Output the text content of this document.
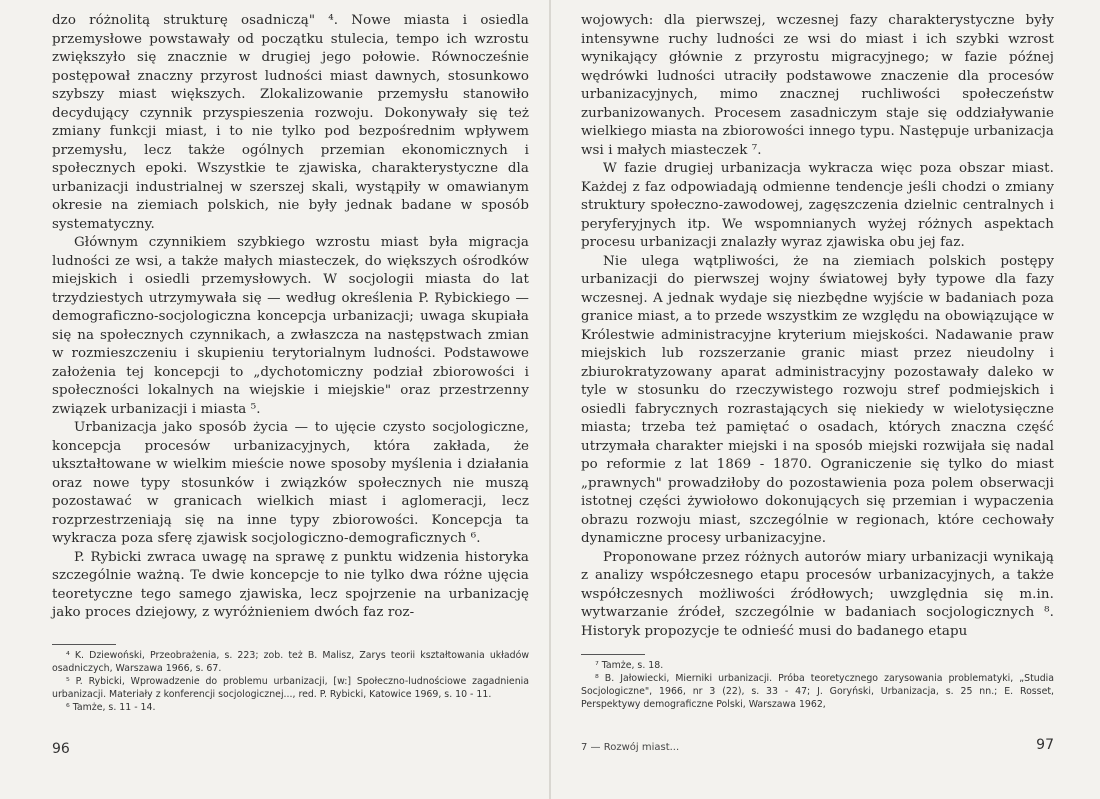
dzo różnolitą strukturę osadniczą" ⁴. Nowe miasta i osiedla przemysłowe powstawały od początku stulecia, tempo ich wzrostu zwiększyło się znacznie w drugiej jego połowie. Równocześnie postępował znaczny przyrost ludności miast dawnych, stosunkowo szybszy miast większych. Zlokalizowanie przemysłu stanowiło decydujący czynnik przyspieszenia rozwoju. Dokonywały się też zmiany funkcji miast, i to nie tylko pod bezpośrednim wpływem przemysłu, lecz także ogólnych przemian ekonomicznych i społecznych epoki. Wszystkie te zjawiska, charakterystyczne dla urbanizacji industrialnej w szerszej skali, wystąpiły w omawianym okresie na ziemiach polskich, nie były jednak badane w sposób systematyczny.

Głównym czynnikiem szybkiego wzrostu miast była migracja ludności ze wsi, a także małych miasteczek, do większych ośrodków miejskich i osiedli przemysłowych. W socjologii miasta do lat trzydziestych utrzymywała się — według określenia P. Rybickiego — demograficzno-socjologiczna koncepcja urbanizacji; uwaga skupiała się na społecznych czynnikach, a zwłaszcza na następstwach zmian w rozmieszczeniu i skupieniu terytorialnym ludności. Podstawowe założenia tej koncepcji to „dychotomiczny podział zbiorowości i społeczności lokalnych na wiejskie i miejskie" oraz przestrzenny związek urbanizacji i miasta ⁵.

Urbanizacja jako sposób życia — to ujęcie czysto socjologiczne, koncepcja procesów urbanizacyjnych, która zakłada, że ukształtowane w wielkim mieście nowe sposoby myślenia i działania oraz nowe typy stosunków i związków społecznych nie muszą pozostawać w granicach wielkich miast i aglomeracji, lecz rozprzestrzeniają się na inne typy zbiorowości. Koncepcja ta wykracza poza sferę zjawisk socjologiczno-demograficznych ⁶.

P. Rybicki zwraca uwagę na sprawę z punktu widzenia historyka szczególnie ważną. Te dwie koncepcje to nie tylko dwa różne ujęcia teoretyczne tego samego zjawiska, lecz spojrzenie na urbanizację jako proces dziejowy, z wyróżnieniem dwóch faz roz-

⁴ K. Dziewoński, Przeobrażenia, s. 223; zob. też B. Malisz, Zarys teorii kształtowania układów osadniczych, Warszawa 1966, s. 67.

⁵ P. Rybicki, Wprowadzenie do problemu urbanizacji, [w:] Społeczno-ludnościowe zagadnienia urbanizacji. Materiały z konferencji socjologicznej..., red. P. Rybicki, Katowice 1969, s. 10 - 11.

⁶ Tamże, s. 11 - 14.

96

wojowych: dla pierwszej, wczesnej fazy charakterystyczne były intensywne ruchy ludności ze wsi do miast i ich szybki wzrost wynikający głównie z przyrostu migracyjnego; w fazie późnej wędrówki ludności utraciły podstawowe znaczenie dla procesów urbanizacyjnych, mimo znacznej ruchliwości społeczeństw zurbanizowanych. Procesem zasadniczym staje się oddziaływanie wielkiego miasta na zbiorowości innego typu. Następuje urbanizacja wsi i małych miasteczek ⁷.

W fazie drugiej urbanizacja wykracza więc poza obszar miast. Każdej z faz odpowiadają odmienne tendencje jeśli chodzi o zmiany struktury społeczno-zawodowej, zagęszczenia dzielnic centralnych i peryferyjnych itp. We wspomnianych wyżej różnych aspektach procesu urbanizacji znalazły wyraz zjawiska obu jej faz.

Nie ulega wątpliwości, że na ziemiach polskich postępy urbanizacji do pierwszej wojny światowej były typowe dla fazy wczesnej. A jednak wydaje się niezbędne wyjście w badaniach poza granice miast, a to przede wszystkim ze względu na obowiązujące w Królestwie administracyjne kryterium miejskości. Nadawanie praw miejskich lub rozszerzanie granic miast przez nieudolny i zbiurokratyzowany aparat administracyjny pozostawały daleko w tyle w stosunku do rzeczywistego rozwoju stref podmiejskich i osiedli fabrycznych rozrastających się niekiedy w wielotysięczne miasta; trzeba też pamiętać o osadach, których znaczna część utrzymała charakter miejski i na sposób miejski rozwijała się nadal po reformie z lat 1869 - 1870. Ograniczenie się tylko do miast „prawnych" prowadziłoby do pozostawienia poza polem obserwacji istotnej części żywiołowo dokonujących się przemian i wypaczenia obrazu rozwoju miast, szczególnie w regionach, które cechowały dynamiczne procesy urbanizacyjne.

Proponowane przez różnych autorów miary urbanizacji wynikają z analizy współczesnego etapu procesów urbanizacyjnych, a także współczesnych możliwości źródłowych; uwzględnia się m.in. wytwarzanie źródeł, szczególnie w badaniach socjologicznych ⁸. Historyk propozycje te odnieść musi do badanego etapu

⁷ Tamże, s. 18.

⁸ B. Jałowiecki, Mierniki urbanizacji. Próba teoretycznego zarysowania problematyki, „Studia Socjologiczne", 1966, nr 3 (22), s. 33 - 47; J. Goryński, Urbanizacja, s. 25 nn.; E. Rosset, Perspektywy demograficzne Polski, Warszawa 1962,

7 — Rozwój miast...	97
